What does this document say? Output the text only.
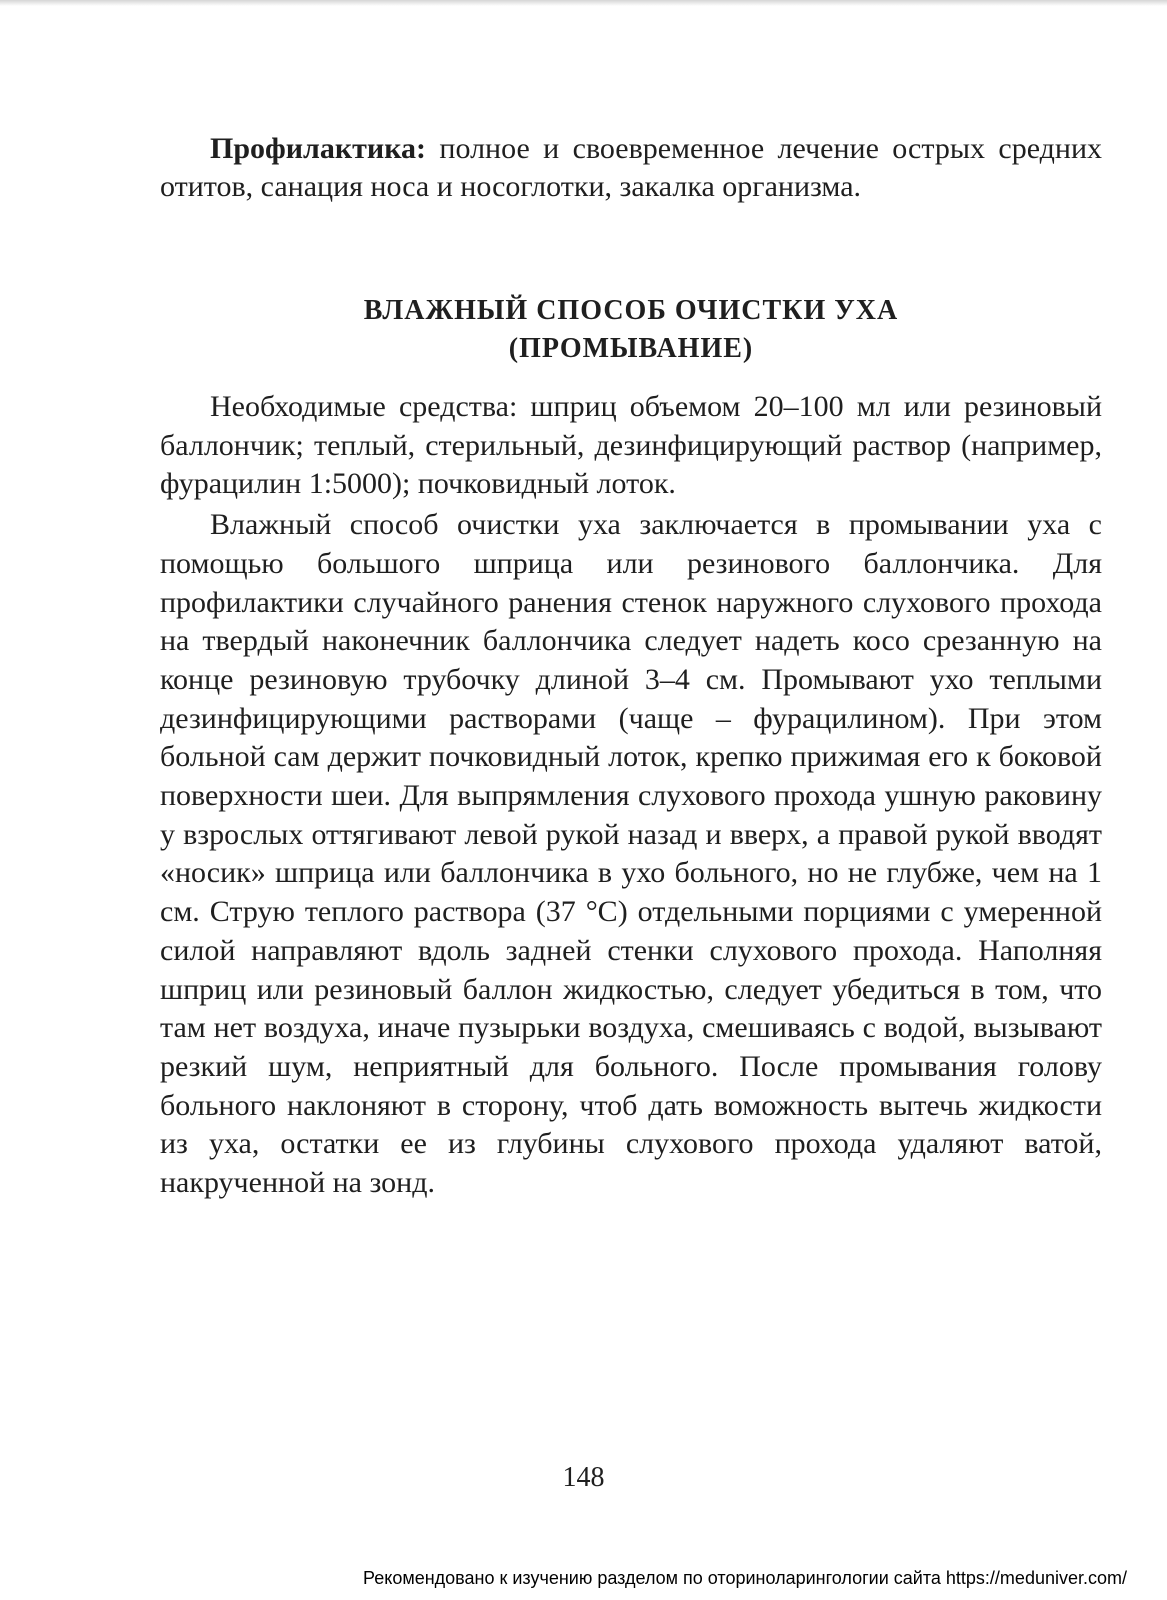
Профилактика: полное и своевременное лечение острых средних отитов, санация носа и носоглотки, закалка организма.

ВЛАЖНЫЙ СПОСОБ ОЧИСТКИ УХА
(ПРОМЫВАНИЕ)

Необходимые средства: шприц объемом 20–100 мл или резиновый баллончик; теплый, стерильный, дезинфицирующий раствор (например, фурацилин 1:5000); почковидный лоток.

Влажный способ очистки уха заключается в промывании уха с помощью большого шприца или резинового баллончика. Для профилактики случайного ранения стенок наружного слухового прохода на твердый наконечник баллончика следует надеть косо срезанную на конце резиновую трубочку длиной 3–4 см. Промывают ухо теплыми дезинфицирующими растворами (чаще – фурацилином). При этом больной сам держит почковидный лоток, крепко прижимая его к боковой поверхности шеи. Для выпрямления слухового прохода ушную раковину у взрослых оттягивают левой рукой назад и вверх, а правой рукой вводят «носик» шприца или баллончика в ухо больного, но не глубже, чем на 1 см. Струю теплого раствора (37 °С) отдельными порциями с умеренной силой направляют вдоль задней стенки слухового прохода. Наполняя шприц или резиновый баллон жидкостью, следует убедиться в том, что там нет воздуха, иначе пузырьки воздуха, смешиваясь с водой, вызывают резкий шум, неприятный для больного. После промывания голову больного наклоняют в сторону, чтоб дать воможность вытечь жидкости из уха, остатки ее из глубины слухового прохода удаляют ватой, накрученной на зонд.

148
Рекомендовано к изучению разделом по оториноларингологии сайта https://meduniver.com/
